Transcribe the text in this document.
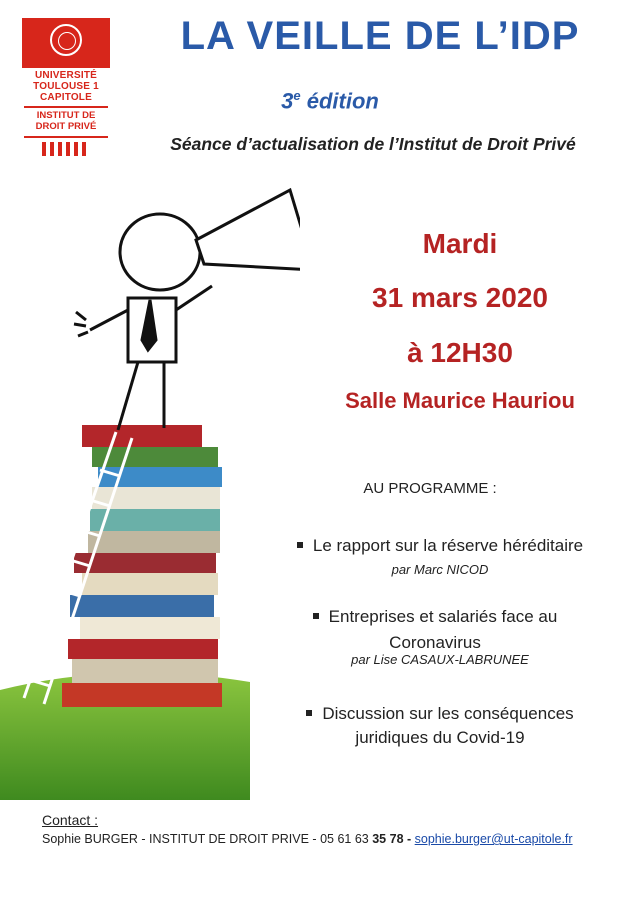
UNIVERSITÉ
TOULOUSE 1
CAPITOLE
INSTITUT DE
DROIT PRIVÉ
LA VEILLE DE L’IDP
3e édition
Séance d’actualisation de l’Institut de Droit Privé
Mardi
31 mars 2020
à 12H30
Salle Maurice Hauriou
AU PROGRAMME :
Le rapport sur la réserve héréditaire
par Marc NICOD
Entreprises et salariés face au
Coronavirus
par Lise CASAUX-LABRUNEE
Discussion sur les conséquences
juridiques du Covid-19
Contact :
Sophie BURGER - INSTITUT DE DROIT PRIVE - 05 61 63 35 78 - sophie.burger@ut-capitole.fr
